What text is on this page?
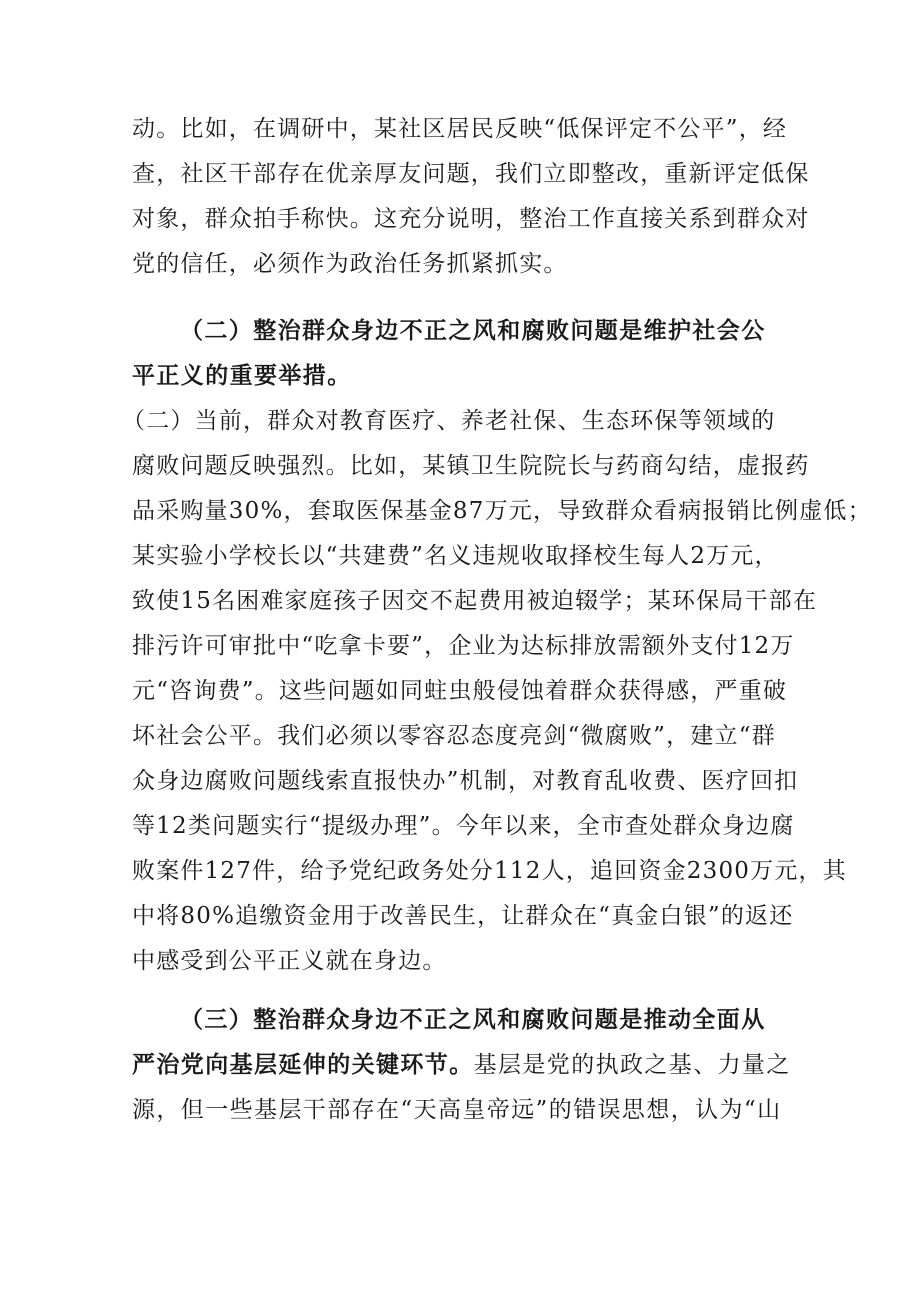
动。比如，在调研中，某社区居民反映“低保评定不公平”，经
查，社区干部存在优亲厚友问题，我们立即整改，重新评定低保
对象，群众拍手称快。这充分说明，整治工作直接关系到群众对
党的信任，必须作为政治任务抓紧抓实。
（二）整治群众身边不正之风和腐败问题是维护社会公
平正义的重要举措。
（二）当前，群众对教育医疗、养老社保、生态环保等领域的
腐败问题反映强烈。比如，某镇卫生院院长与药商勾结，虚报药
品采购量30%，套取医保基金87万元，导致群众看病报销比例虚低；
某实验小学校长以“共建费”名义违规收取择校生每人2万元，
致使15名困难家庭孩子因交不起费用被迫辍学；某环保局干部在
排污许可审批中“吃拿卡要”，企业为达标排放需额外支付12万
元“咨询费”。这些问题如同蛀虫般侵蚀着群众获得感，严重破
坏社会公平。我们必须以零容忍态度亮剑“微腐败”，建立“群
众身边腐败问题线索直报快办”机制，对教育乱收费、医疗回扣
等12类问题实行“提级办理”。今年以来，全市查处群众身边腐
败案件127件，给予党纪政务处分112人，追回资金2300万元，其
中将80%追缴资金用于改善民生，让群众在“真金白银”的返还
中感受到公平正义就在身边。
（三）整治群众身边不正之风和腐败问题是推动全面从
严治党向基层延伸的关键环节。基层是党的执政之基、力量之
源，但一些基层干部存在“天高皇帝远”的错误思想，认为“山
